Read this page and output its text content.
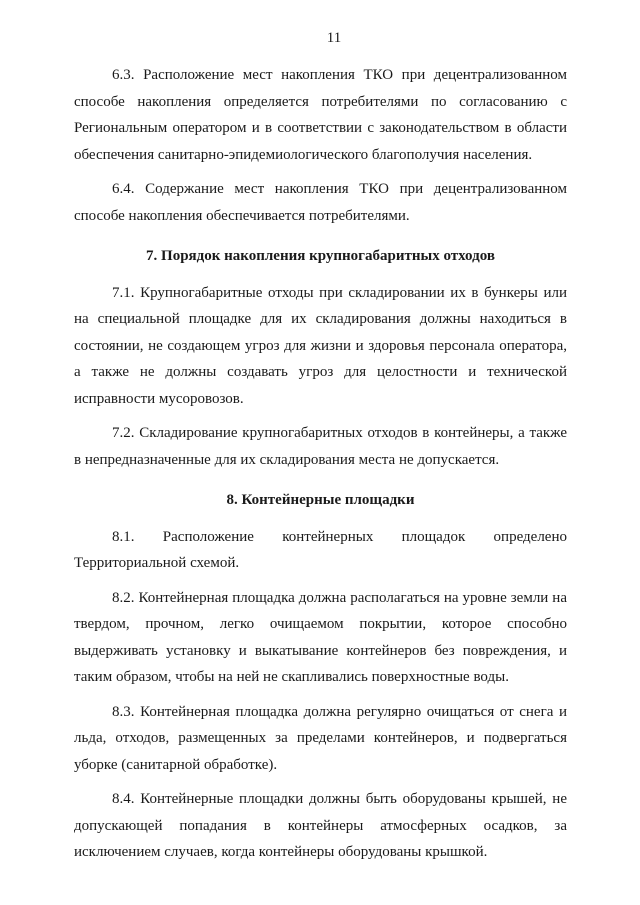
11

6.3. Расположение мест накопления ТКО при децентрализованном способе накопления определяется потребителями по согласованию с Региональным оператором и в соответствии с законодательством в области обеспечения санитарно-эпидемиологического благополучия населения.

6.4. Содержание мест накопления ТКО при децентрализованном способе накопления обеспечивается потребителями.

7. Порядок накопления крупногабаритных отходов

7.1. Крупногабаритные отходы при складировании их в бункеры или на специальной площадке для их складирования должны находиться в состоянии, не создающем угроз для жизни и здоровья персонала оператора, а также не должны создавать угроз для целостности и технической исправности мусоровозов.

7.2. Складирование крупногабаритных отходов в контейнеры, а также в непредназначенные для их складирования места не допускается.

8. Контейнерные площадки

8.1. Расположение контейнерных площадок определено Территориальной схемой.

8.2. Контейнерная площадка должна располагаться на уровне земли на твердом, прочном, легко очищаемом покрытии, которое способно выдерживать установку и выкатывание контейнеров без повреждения, и таким образом, чтобы на ней не скапливались поверхностные воды.

8.3. Контейнерная площадка должна регулярно очищаться от снега и льда, отходов, размещенных за пределами контейнеров, и подвергаться уборке (санитарной обработке).

8.4. Контейнерные площадки должны быть оборудованы крышей, не допускающей попадания в контейнеры атмосферных осадков, за исключением случаев, когда контейнеры оборудованы крышкой.
